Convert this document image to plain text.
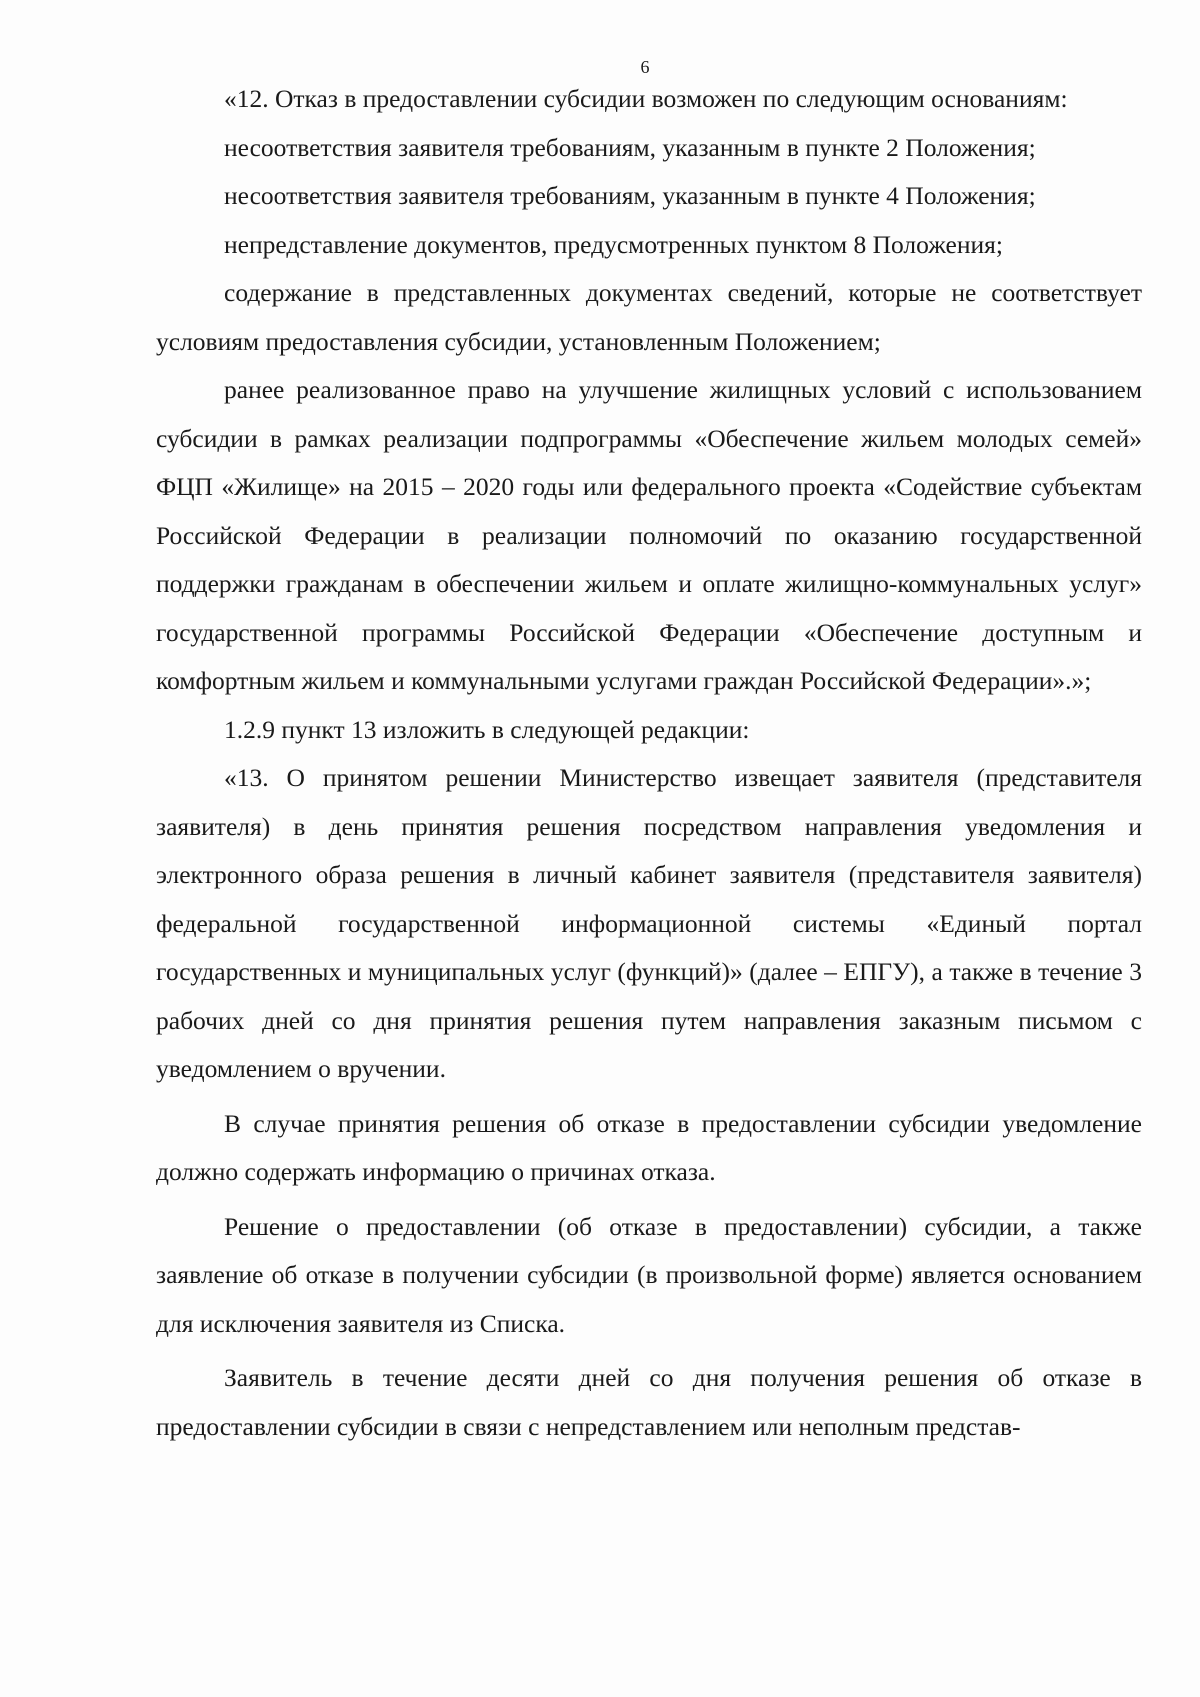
6

«12. Отказ в предоставлении субсидии возможен по следующим основаниям:

несоответствия заявителя требованиям, указанным в пункте 2 Положения;

несоответствия заявителя требованиям, указанным в пункте 4 Положения;

непредставление документов, предусмотренных пунктом 8 Положения;

содержание в представленных документах сведений, которые не соответствует условиям предоставления субсидии, установленным Положением;

ранее реализованное право на улучшение жилищных условий с использованием субсидии в рамках реализации подпрограммы «Обеспечение жильем молодых семей» ФЦП «Жилище» на 2015 – 2020 годы или федерального проекта «Содействие субъектам Российской Федерации в реализации полномочий по оказанию государственной поддержки гражданам в обеспечении жильем и оплате жилищно-коммунальных услуг» государственной программы Российской Федерации «Обеспечение доступным и комфортным жильем и коммунальными услугами граждан Российской Федерации».»;

1.2.9 пункт 13 изложить в следующей редакции:

«13. О принятом решении Министерство извещает заявителя (представителя заявителя) в день принятия решения посредством направления уведомления и электронного образа решения в личный кабинет заявителя (представителя заявителя) федеральной государственной информационной системы «Единый портал государственных и муниципальных услуг (функций)» (далее – ЕПГУ), а также в течение 3 рабочих дней со дня принятия решения путем направления заказным письмом с уведомлением о вручении.

В случае принятия решения об отказе в предоставлении субсидии уведомление должно содержать информацию о причинах отказа.

Решение о предоставлении (об отказе в предоставлении) субсидии, а также заявление об отказе в получении субсидии (в произвольной форме) является основанием для исключения заявителя из Списка.

Заявитель в течение десяти дней со дня получения решения об отказе в предоставлении субсидии в связи с непредставлением или неполным представ-
